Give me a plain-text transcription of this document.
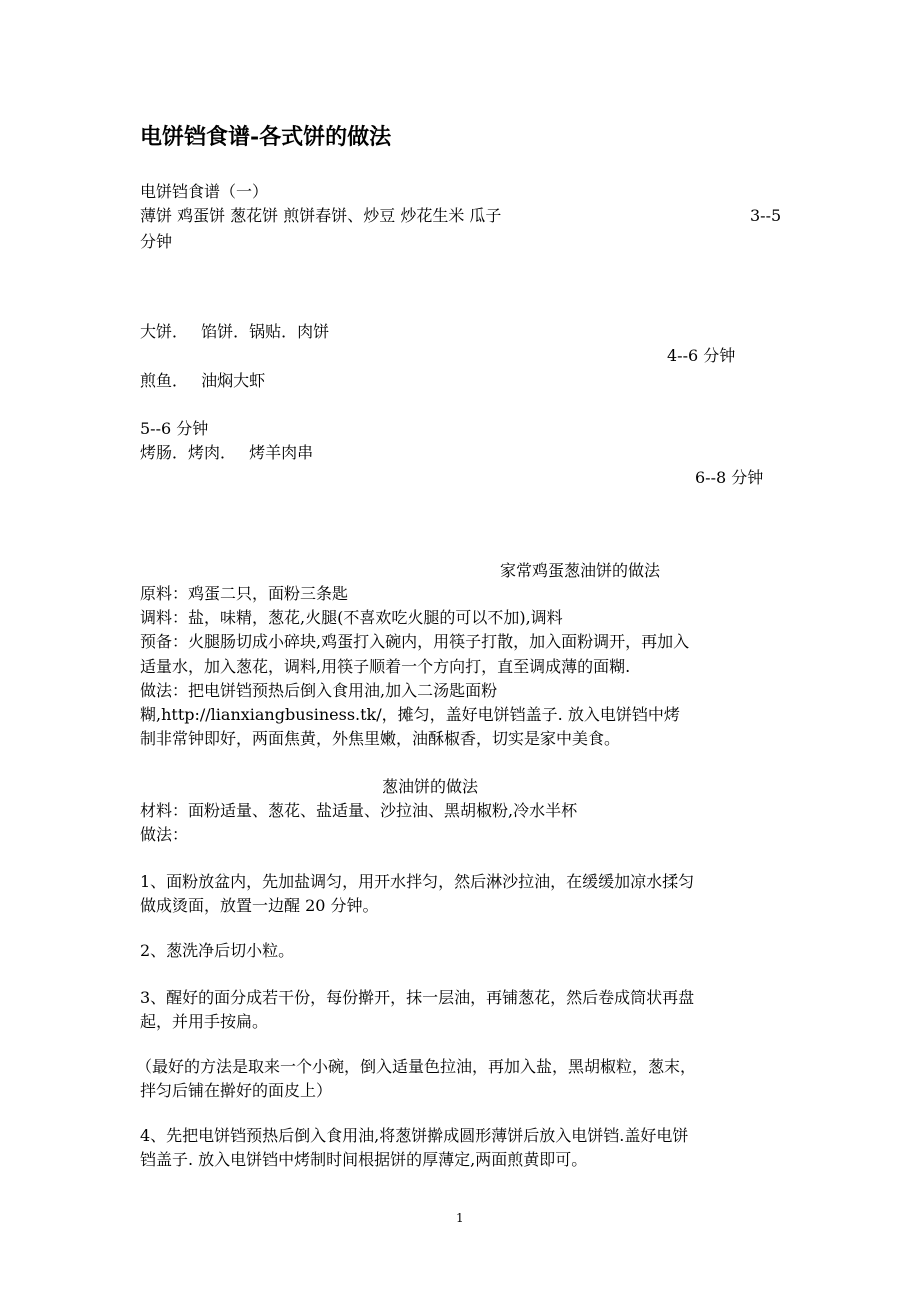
电饼铛食谱-各式饼的做法
电饼铛食谱（一）
薄饼 鸡蛋饼 葱花饼 煎饼春饼、炒豆 炒花生米 瓜子	3--5
分钟
大饼．　 馅饼．锅贴．肉饼
4--6 分钟
煎鱼．　 油焖大虾
5--6 分钟
烤肠．烤肉．　 烤羊肉串
6--8 分钟
家常鸡蛋葱油饼的做法
原料：鸡蛋二只，面粉三条匙
调料：盐，味精，葱花,火腿(不喜欢吃火腿的可以不加),调料
预备：火腿肠切成小碎块,鸡蛋打入碗内，用筷子打散，加入面粉调开，再加入
适量水，加入葱花，调料,用筷子顺着一个方向打，直至调成薄的面糊.
做法：把电饼铛预热后倒入食用油,加入二汤匙面粉
糊,http://lianxiangbusiness.tk/，摊匀，盖好电饼铛盖子. 放入电饼铛中烤
制非常钟即好，两面焦黄，外焦里嫩，油酥椒香，切实是家中美食。
葱油饼的做法
材料：面粉适量、葱花、盐适量、沙拉油、黑胡椒粉,冷水半杯
做法：
1、面粉放盆内，先加盐调匀，用开水拌匀，然后淋沙拉油，在缓缓加凉水揉匀
做成烫面，放置一边醒 20 分钟。
2、葱洗净后切小粒。
3、醒好的面分成若干份，每份擀开，抹一层油，再铺葱花，然后卷成筒状再盘
起，并用手按扁。
（最好的方法是取来一个小碗，倒入适量色拉油，再加入盐，黑胡椒粒，葱末，
拌匀后铺在擀好的面皮上）
4、先把电饼铛预热后倒入食用油,将葱饼擀成圆形薄饼后放入电饼铛.盖好电饼
铛盖子. 放入电饼铛中烤制时间根据饼的厚薄定,两面煎黄即可。
1
